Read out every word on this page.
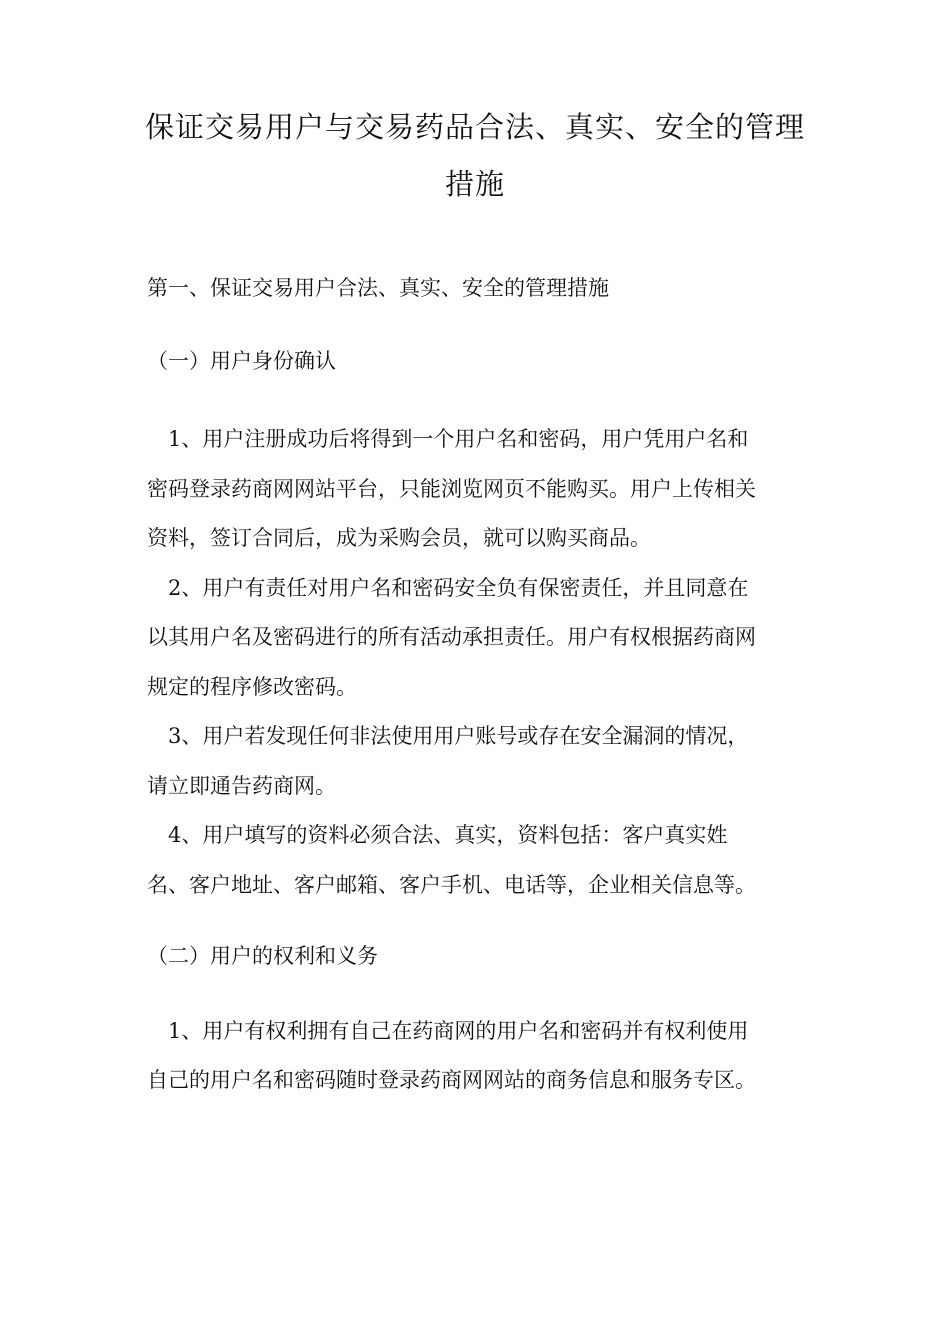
保证交易用户与交易药品合法、真实、安全的管理
措施
第一、保证交易用户合法、真实、安全的管理措施
（一）用户身份确认

　1、用户注册成功后将得到一个用户名和密码，用户凭用户名和

密码登录药商网网站平台，只能浏览网页不能购买。用户上传相关

资料，签订合同后，成为采购会员，就可以购买商品。

　2、用户有责任对用户名和密码安全负有保密责任，并且同意在

以其用户名及密码进行的所有活动承担责任。用户有权根据药商网

规定的程序修改密码。

　3、用户若发现任何非法使用用户账号或存在安全漏洞的情况，

请立即通告药商网。

　4、用户填写的资料必须合法、真实，资料包括：客户真实姓

名、客户地址、客户邮箱、客户手机、电话等，企业相关信息等。

（二）用户的权利和义务

　1、用户有权利拥有自己在药商网的用户名和密码并有权利使用

自己的用户名和密码随时登录药商网网站的商务信息和服务专区。
